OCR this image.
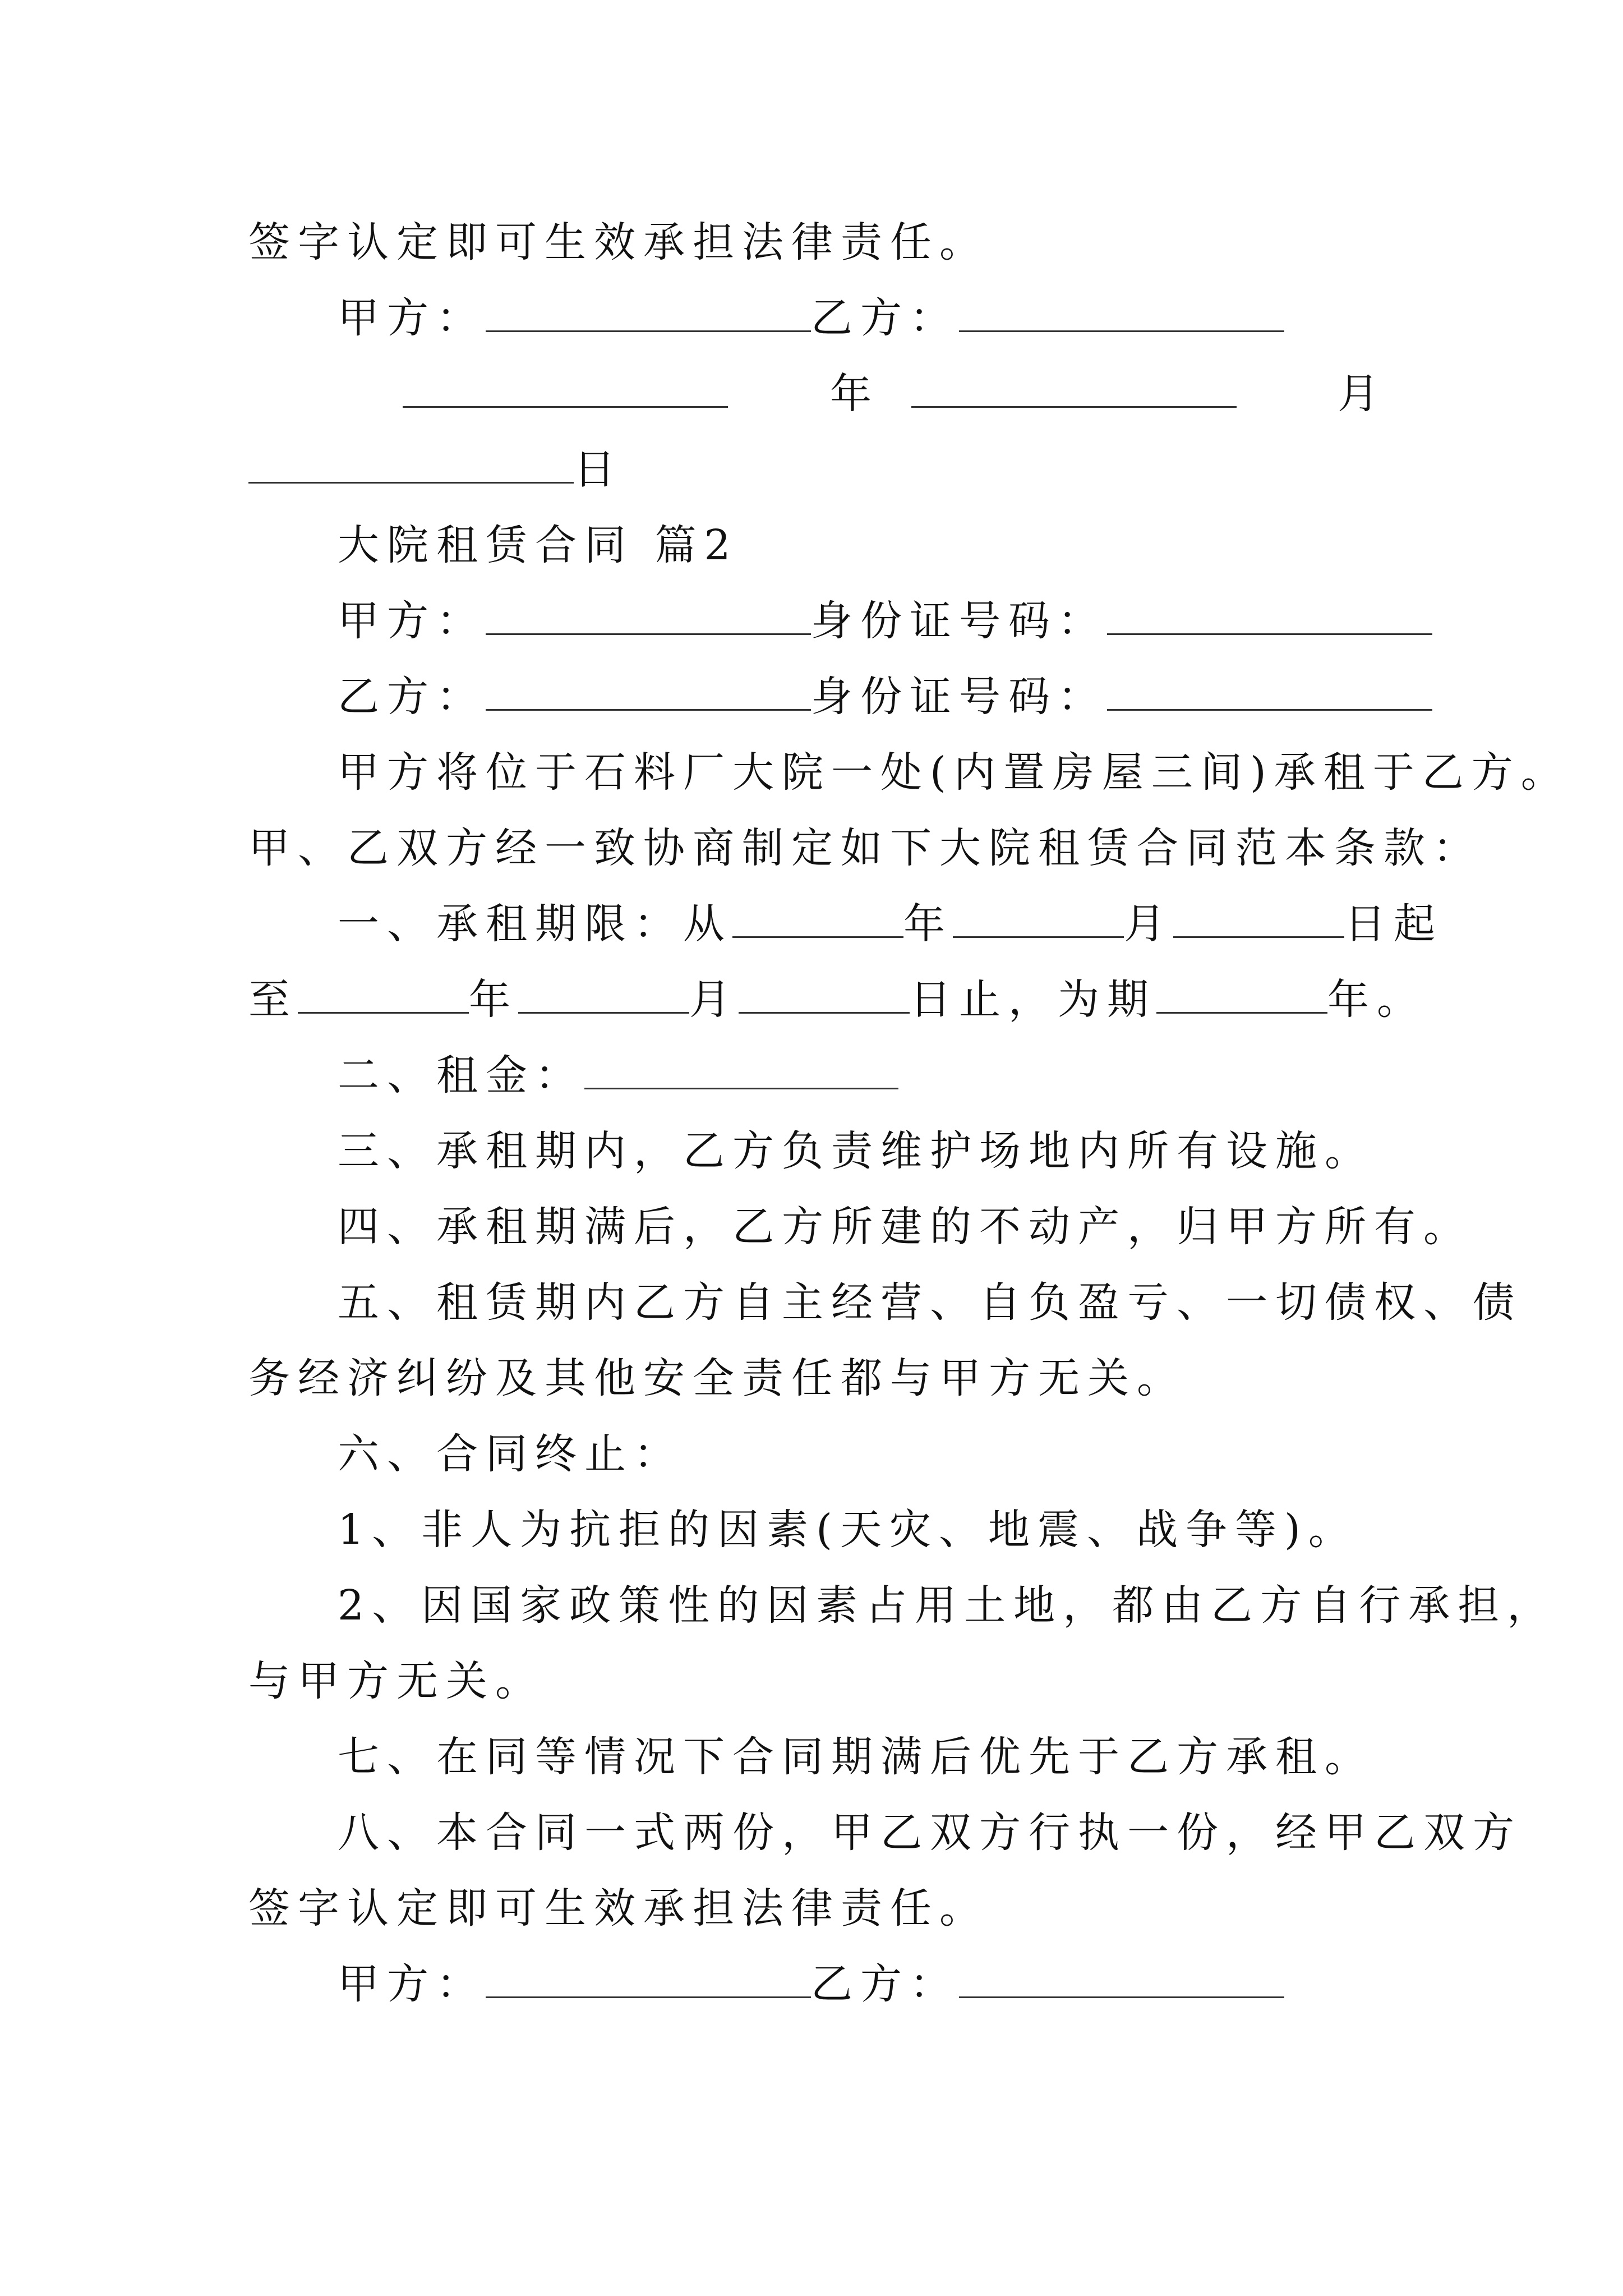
签字认定即可生效承担法律责任。
甲方：	乙方：
年	月
日
大院租赁合同 篇2
甲方：	身份证号码：
乙方：	身份证号码：
甲方将位于石料厂大院一处(内置房屋三间)承租于乙方。
甲、乙双方经一致协商制定如下大院租赁合同范本条款：
一、承租期限：从	年	月	日起
至	年	月	日止，为期	年。
二、租金：
三、承租期内，乙方负责维护场地内所有设施。
四、承租期满后，乙方所建的不动产，归甲方所有。
五、租赁期内乙方自主经营、自负盈亏、一切债权、债
务经济纠纷及其他安全责任都与甲方无关。
六、合同终止：
1、非人为抗拒的因素(天灾、地震、战争等)。
2、因国家政策性的因素占用土地，都由乙方自行承担，
与甲方无关。
七、在同等情况下合同期满后优先于乙方承租。
八、本合同一式两份，甲乙双方行执一份，经甲乙双方
签字认定即可生效承担法律责任。
甲方：	乙方：
